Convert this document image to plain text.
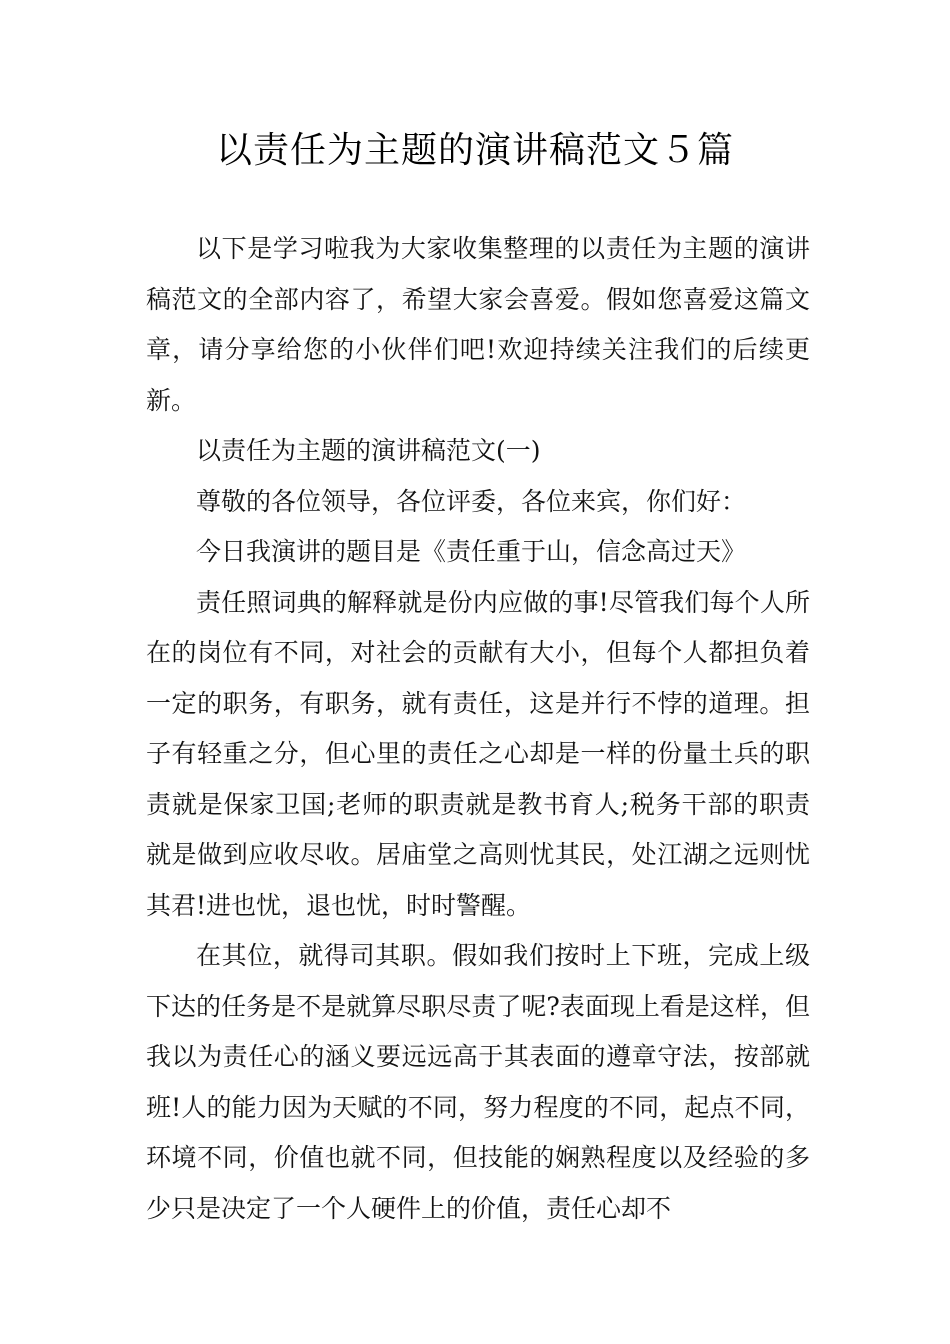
以责任为主题的演讲稿范文５篇

以下是学习啦我为大家收集整理的以责任为主题的演讲稿范文的全部内容了，希望大家会喜爱。假如您喜爱这篇文章，请分享给您的小伙伴们吧!欢迎持续关注我们的后续更新。

以责任为主题的演讲稿范文(一)

尊敬的各位领导，各位评委，各位来宾，你们好：

今日我演讲的题目是《责任重于山，信念高过天》

责任照词典的解释就是份内应做的事!尽管我们每个人所在的岗位有不同，对社会的贡献有大小，但每个人都担负着一定的职务，有职务，就有责任，这是并行不悖的道理。担子有轻重之分，但心里的责任之心却是一样的份量土兵的职责就是保家卫国;老师的职责就是教书育人;税务干部的职责就是做到应收尽收。居庙堂之高则忧其民，处江湖之远则忧其君!进也忧，退也忧，时时警醒。

在其位，就得司其职。假如我们按时上下班，完成上级下达的任务是不是就算尽职尽责了呢?表面现上看是这样，但我以为责任心的涵义要远远高于其表面的遵章守法，按部就班!人的能力因为天赋的不同，努力程度的不同，起点不同，环境不同，价值也就不同，但技能的娴熟程度以及经验的多少只是决定了一个人硬件上的价值，责任心却不
